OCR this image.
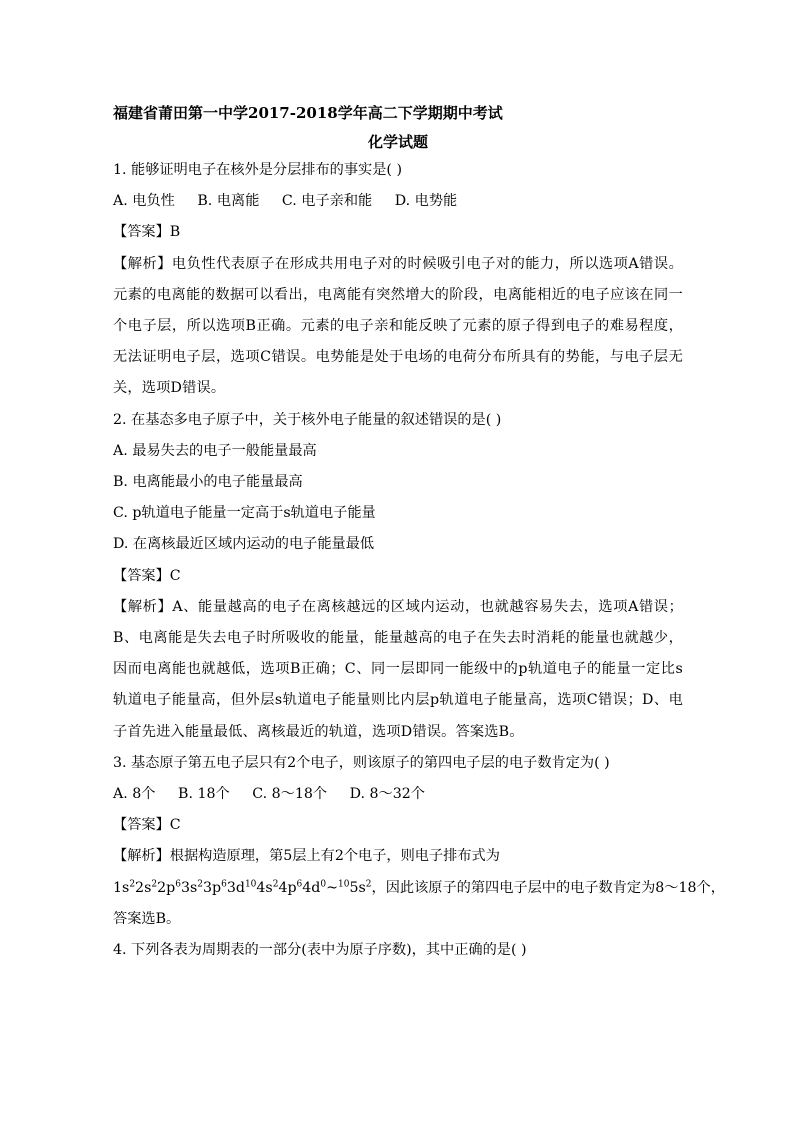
福建省莆田第一中学2017-2018学年高二下学期期中考试

化学试题

1. 能够证明电子在核外是分层排布的事实是( )

A. 电负性     B. 电离能     C. 电子亲和能     D. 电势能

【答案】B

【解析】电负性代表原子在形成共用电子对的时候吸引电子对的能力，所以选项A错误。元素的电离能的数据可以看出，电离能有突然增大的阶段，电离能相近的电子应该在同一个电子层，所以选项B正确。元素的电子亲和能反映了元素的原子得到电子的难易程度，无法证明电子层，选项C错误。电势能是处于电场的电荷分布所具有的势能，与电子层无关，选项D错误。

2. 在基态多电子原子中，关于核外电子能量的叙述错误的是( )

A. 最易失去的电子一般能量最高

B. 电离能最小的电子能量最高

C. p轨道电子能量一定高于s轨道电子能量

D. 在离核最近区域内运动的电子能量最低

【答案】C

【解析】A、能量越高的电子在离核越远的区域内运动，也就越容易失去，选项A错误；B、电离能是失去电子时所吸收的能量，能量越高的电子在失去时消耗的能量也就越少，因而电离能也就越低，选项B正确；C、同一层即同一能级中的p轨道电子的能量一定比s轨道电子能量高，但外层s轨道电子能量则比内层p轨道电子能量高，选项C错误；D、电子首先进入能量最低、离核最近的轨道，选项D错误。答案选B。

3. 基态原子第五电子层只有2个电子，则该原子的第四电子层的电子数肯定为( )

A. 8个     B. 18个     C. 8～18个     D. 8～32个

【答案】C

【解析】根据构造原理，第5层上有2个电子，则电子排布式为

$1s^22s^22p^63s^23p^63d^{10}4s^24p^64d^0\sim^{10}5s^2$，因此该原子的第四电子层中的电子数肯定为8～18个，

答案选B。

4. 下列各表为周期表的一部分(表中为原子序数)，其中正确的是( )
